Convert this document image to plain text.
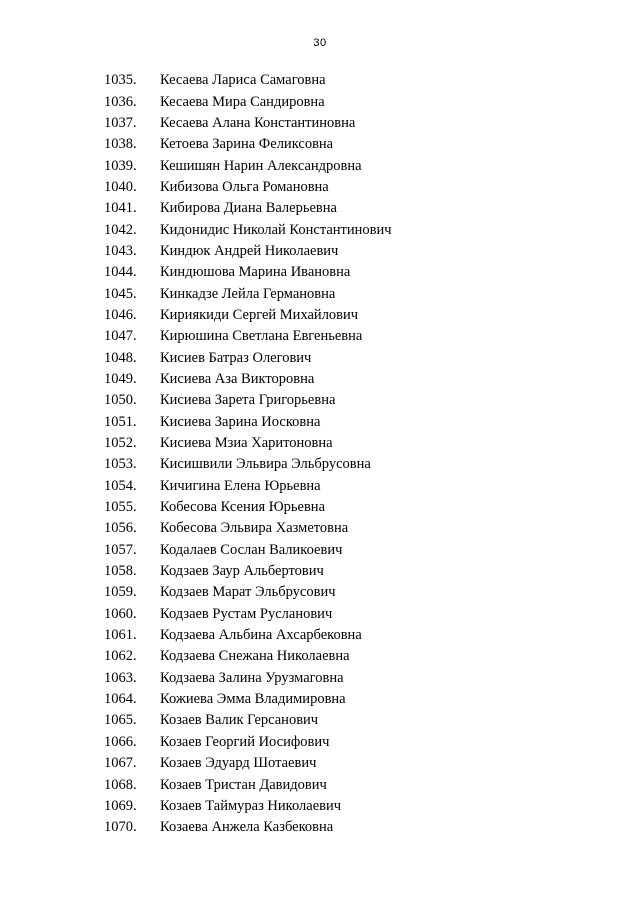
30
1035.	Кесаева Лариса Самаговна
1036.	Кесаева Мира Сандировна
1037.	Кесаева Алана Константиновна
1038.	Кетоева Зарина Феликсовна
1039.	Кешишян Нарин Александровна
1040.	Кибизова Ольга Романовна
1041.	Кибирова Диана Валерьевна
1042.	Кидонидис Николай Константинович
1043.	Киндюк Андрей Николаевич
1044.	Киндюшова Марина Ивановна
1045.	Кинкадзе Лейла Германовна
1046.	Кириякиди Сергей Михайлович
1047.	Кирюшина Светлана Евгеньевна
1048.	Кисиев Батраз Олегович
1049.	Кисиева Аза Викторовна
1050.	Кисиева Зарета Григорьевна
1051.	Кисиева Зарина Иосковна
1052.	Кисиева Мзиа Харитоновна
1053.	Кисишвили Эльвира Эльбрусовна
1054.	Кичигина Елена Юрьевна
1055.	Кобесова Ксения Юрьевна
1056.	Кобесова Эльвира Хазметовна
1057.	Кодалаев Сослан Валикоевич
1058.	Кодзаев Заур Альбертович
1059.	Кодзаев Марат Эльбрусович
1060.	Кодзаев Рустам Русланович
1061.	Кодзаева Альбина Ахсарбековна
1062.	Кодзаева Снежана Николаевна
1063.	Кодзаева Залина Урузмаговна
1064.	Кожиева Эмма Владимировна
1065.	Козаев Валик Герсанович
1066.	Козаев Георгий Иосифович
1067.	Козаев Эдуард Шотаевич
1068.	Козаев Тристан Давидович
1069.	Козаев Таймураз Николаевич
1070.	Козаева Анжела Казбековна
